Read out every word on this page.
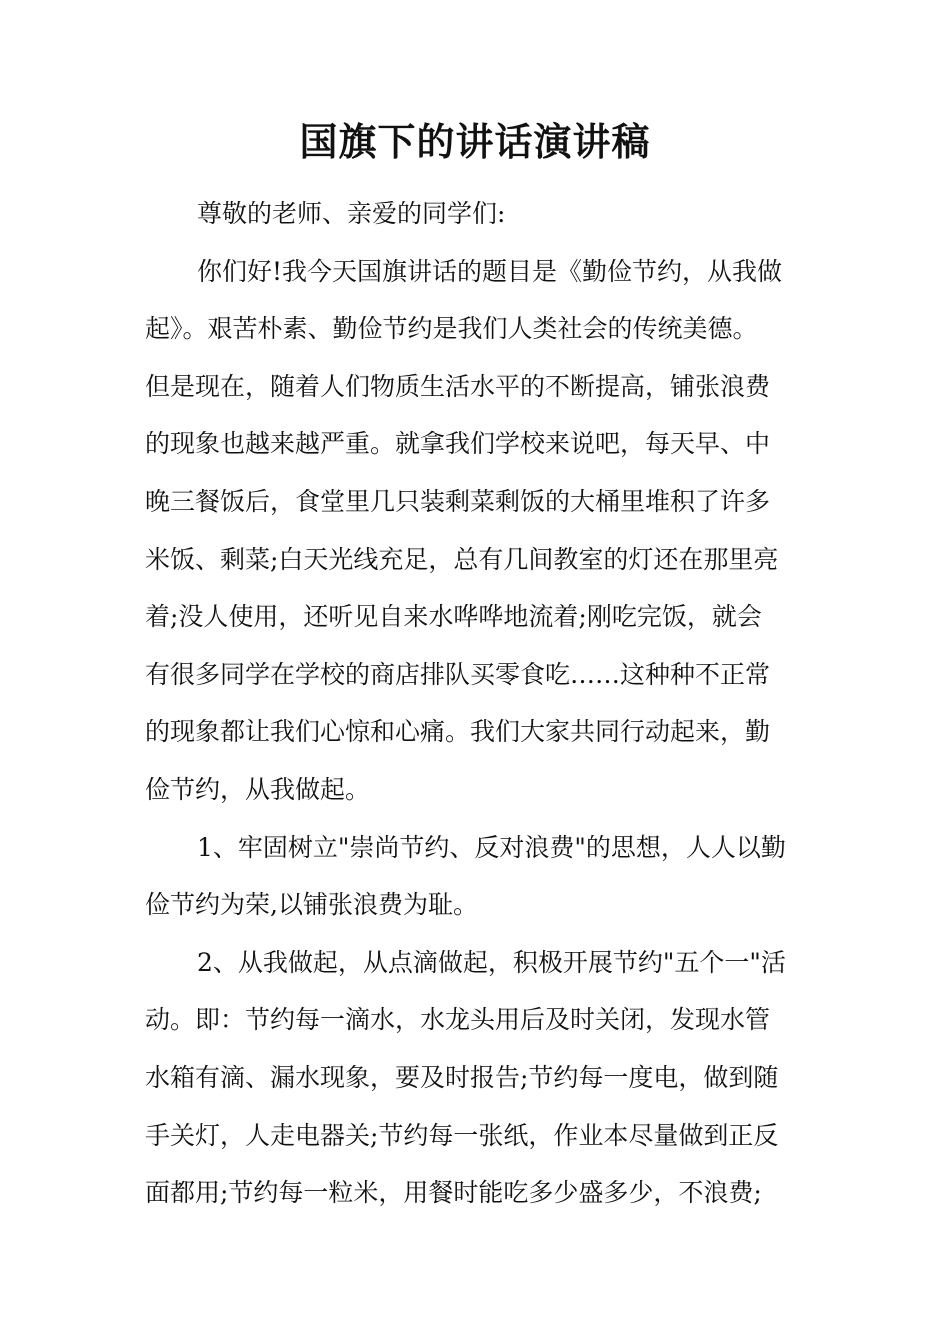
国旗下的讲话演讲稿
尊敬的老师、亲爱的同学们:
你们好!我今天国旗讲话的题目是《勤俭节约，从我做
起》。艰苦朴素、勤俭节约是我们人类社会的传统美德。
但是现在，随着人们物质生活水平的不断提高，铺张浪费
的现象也越来越严重。就拿我们学校来说吧，每天早、中
晚三餐饭后，食堂里几只装剩菜剩饭的大桶里堆积了许多
米饭、剩菜;白天光线充足，总有几间教室的灯还在那里亮
着;没人使用，还听见自来水哗哗地流着;刚吃完饭，就会
有很多同学在学校的商店排队买零食吃……这种种不正常
的现象都让我们心惊和心痛。我们大家共同行动起来，勤
俭节约，从我做起。
1、牢固树立"崇尚节约、反对浪费"的思想，人人以勤
俭节约为荣,以铺张浪费为耻。
2、从我做起，从点滴做起，积极开展节约"五个一"活
动。即：节约每一滴水，水龙头用后及时关闭，发现水管
水箱有滴、漏水现象，要及时报告;节约每一度电，做到随
手关灯，人走电器关;节约每一张纸，作业本尽量做到正反
面都用;节约每一粒米，用餐时能吃多少盛多少，不浪费;
